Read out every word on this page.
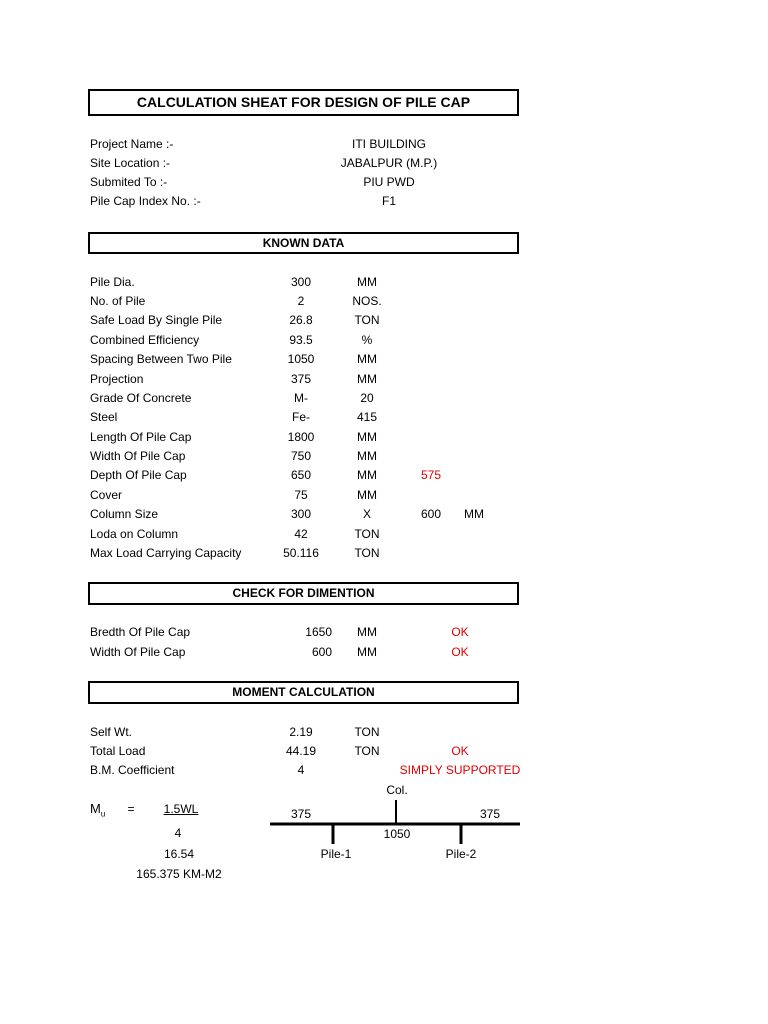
CALCULATION SHEAT FOR DESIGN OF PILE CAP
Project Name :-	ITI BUILDING
Site Location :-	JABALPUR (M.P.)
Submited To :-	PIU PWD
Pile Cap Index No. :-	F1
KNOWN DATA
Pile Dia.	300	MM
No. of Pile	2	NOS.
Safe Load By Single Pile	26.8	TON
Combined Efficiency	93.5	%
Spacing Between Two Pile	1050	MM
Projection	375	MM
Grade Of Concrete	M-	20
Steel	Fe-	415
Length Of Pile Cap	1800	MM
Width Of Pile Cap	750	MM
Depth Of Pile Cap	650	MM	575
Cover	75	MM
Column Size	300	X	600 MM
Loda on Column	42	TON
Max Load Carrying Capacity	50.116	TON
CHECK FOR DIMENTION
Bredth Of Pile Cap	1650 MM	OK
Width Of Pile Cap	600 MM	OK
MOMENT CALCULATION
Self Wt.	2.19	TON
Total Load	44.19	TON	OK
B.M. Coefficient	4	SIMPLY SUPPORTED
$M_u = 1.5WL$
4
16.54
165.375 KM-M2
Col.
375	375
1050
Pile-1	Pile-2
